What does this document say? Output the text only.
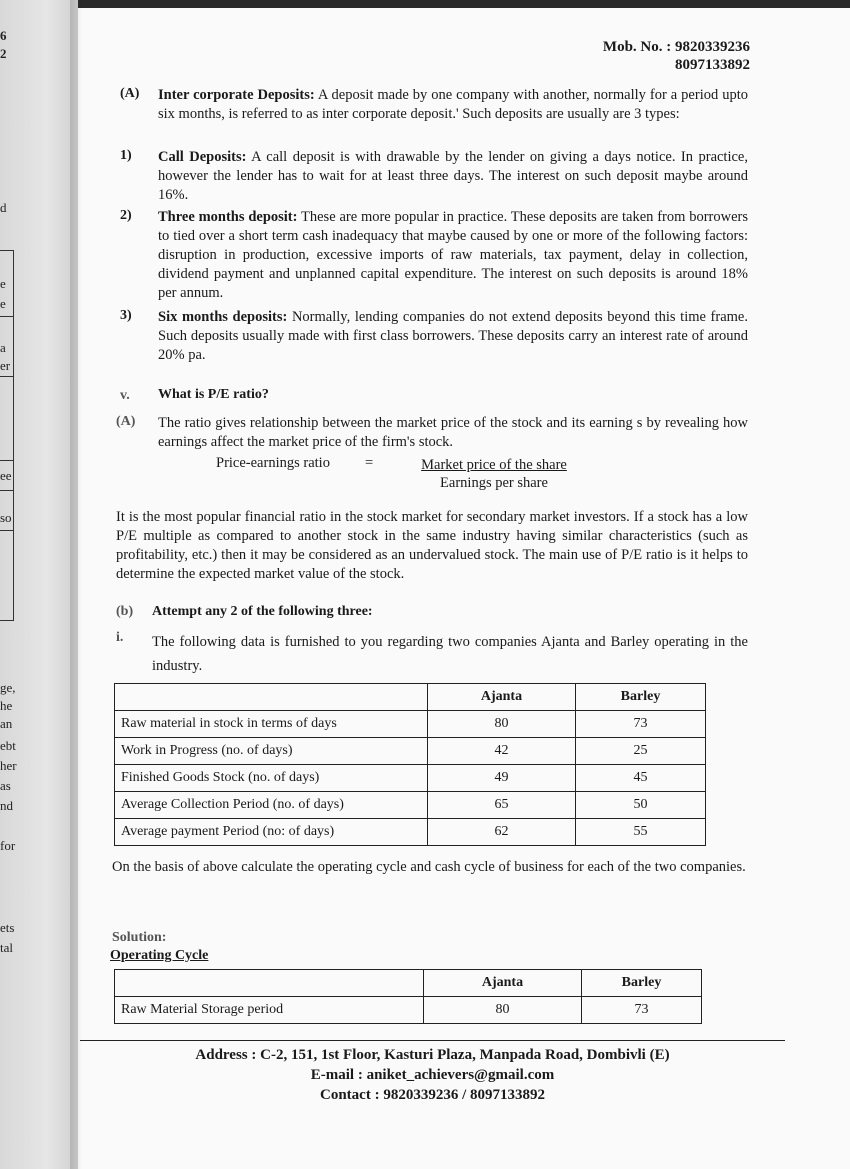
6
2
d
e
e
a
er
ee
so
ge,
he
an
ebt
her
as
nd
for
ets
tal
Mob. No. : 9820339236
8097133892
(A) Inter corporate Deposits: A deposit made by one company with another, normally for a period upto six months, is referred to as inter corporate deposit.' Such deposits are usually are 3 types:
1) Call Deposits: A call deposit is with drawable by the lender on giving a days notice. In practice, however the lender has to wait for at least three days. The interest on such deposit maybe around 16%.
2) Three months deposit: These are more popular in practice. These deposits are taken from borrowers to tied over a short term cash inadequacy that maybe caused by one or more of the following factors: disruption in production, excessive imports of raw materials, tax payment, delay in collection, dividend payment and unplanned capital expenditure. The interest on such deposits is around 18% per annum.
3) Six months deposits: Normally, lending companies do not extend deposits beyond this time frame. Such deposits usually made with first class borrowers. These deposits carry an interest rate of around 20% pa.
v. What is P/E ratio?
(A) The ratio gives relationship between the market price of the stock and its earning s by revealing how earnings affect the market price of the firm's stock.
Price-earnings ratio =	Market price of the share
Earnings per share
It is the most popular financial ratio in the stock market for secondary market investors. If a stock has a low P/E multiple as compared to another stock in the same industry having similar characteristics (such as profitability, etc.) then it may be considered as an undervalued stock. The main use of P/E ratio is it helps to determine the expected market value of the stock.
(b) Attempt any 2 of the following three:
i. The following data is furnished to you regarding two companies Ajanta and Barley operating in the industry.
	Ajanta	Barley
Raw material in stock in terms of days	80	73
Work in Progress (no. of days)	42	25
Finished Goods Stock (no. of days)	49	45
Average Collection Period (no. of days)	65	50
Average payment Period (no: of days)	62	55
On the basis of above calculate the operating cycle and cash cycle of business for each of the two companies.
Solution:
Operating Cycle
	Ajanta	Barley
Raw Material Storage period	80	73
Address : C-2, 151, 1st Floor, Kasturi Plaza, Manpada Road, Dombivli (E)
E-mail : aniket_achievers@gmail.com
Contact : 9820339236 / 8097133892
